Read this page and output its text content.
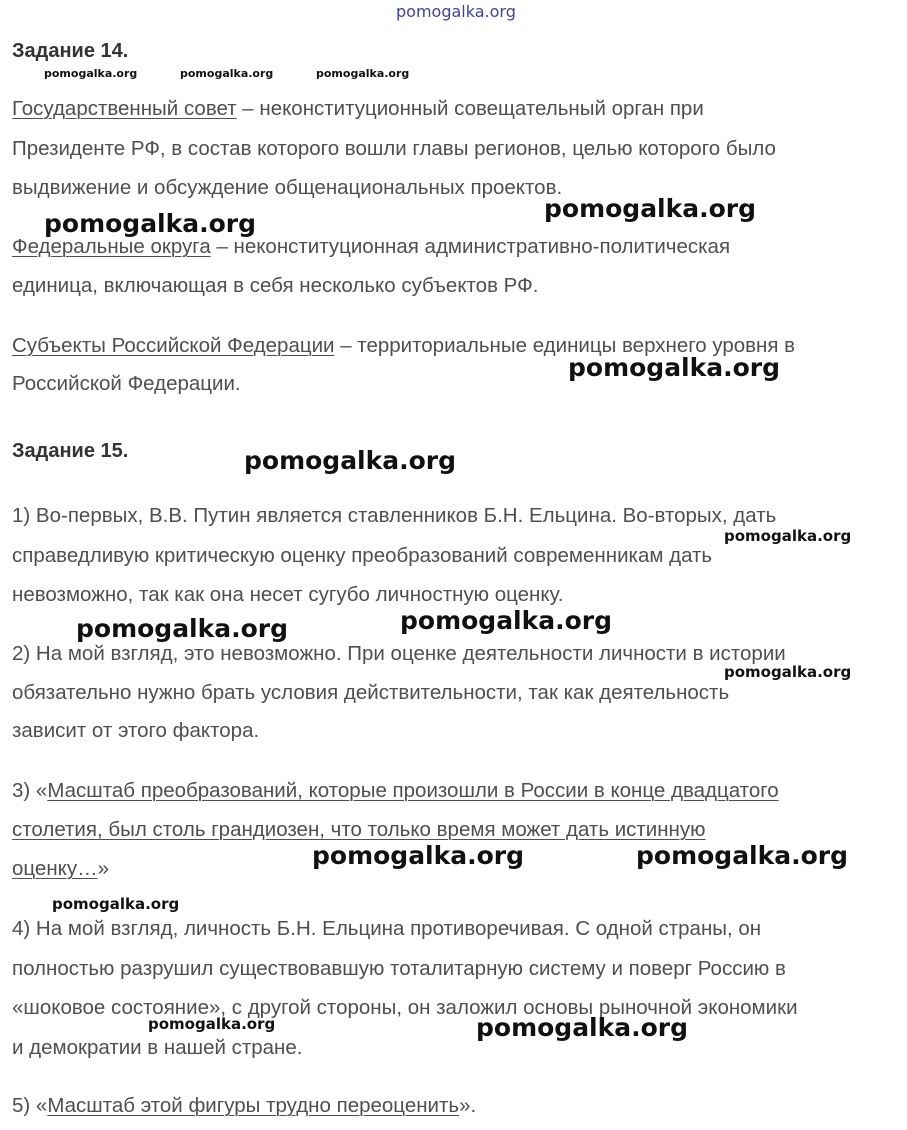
pomogalka.org
Задание 14.
pomogalka.org	pomogalka.org	pomogalka.org
Государственный совет – неконституционный совещательный орган при
Президенте РФ, в состав которого вошли главы регионов, целью которого было
выдвижение и обсуждение общенациональных проектов.
pomogalka.org
pomogalka.org
Федеральные округа – неконституционная административно-политическая
единица, включающая в себя несколько субъектов РФ.
Субъекты Российской Федерации – территориальные единицы верхнего уровня в
Российской Федерации.
pomogalka.org
Задание 15.	pomogalka.org
1) Во-первых, В.В. Путин является ставленников Б.Н. Ельцина. Во-вторых, дать
pomogalka.org
справедливую критическую оценку преобразований современникам дать
невозможно, так как она несет сугубо личностную оценку.
pomogalka.org	pomogalka.org
2) На мой взгляд, это невозможно. При оценке деятельности личности в истории
pomogalka.org
обязательно нужно брать условия действительности, так как деятельность
зависит от этого фактора.
3) «Масштаб преобразований, которые произошли в России в конце двадцатого
столетия, был столь грандиозен, что только время может дать истинную
оценку…»	pomogalka.org	pomogalka.org
pomogalka.org
4) На мой взгляд, личность Б.Н. Ельцина противоречивая. С одной страны, он
полностью разрушил существовавшую тоталитарную систему и поверг Россию в
«шоковое состояние», с другой стороны, он заложил основы рыночной экономики
pomogalka.org	pomogalka.org
и демократии в нашей стране.
5) «Масштаб этой фигуры трудно переоценить».
